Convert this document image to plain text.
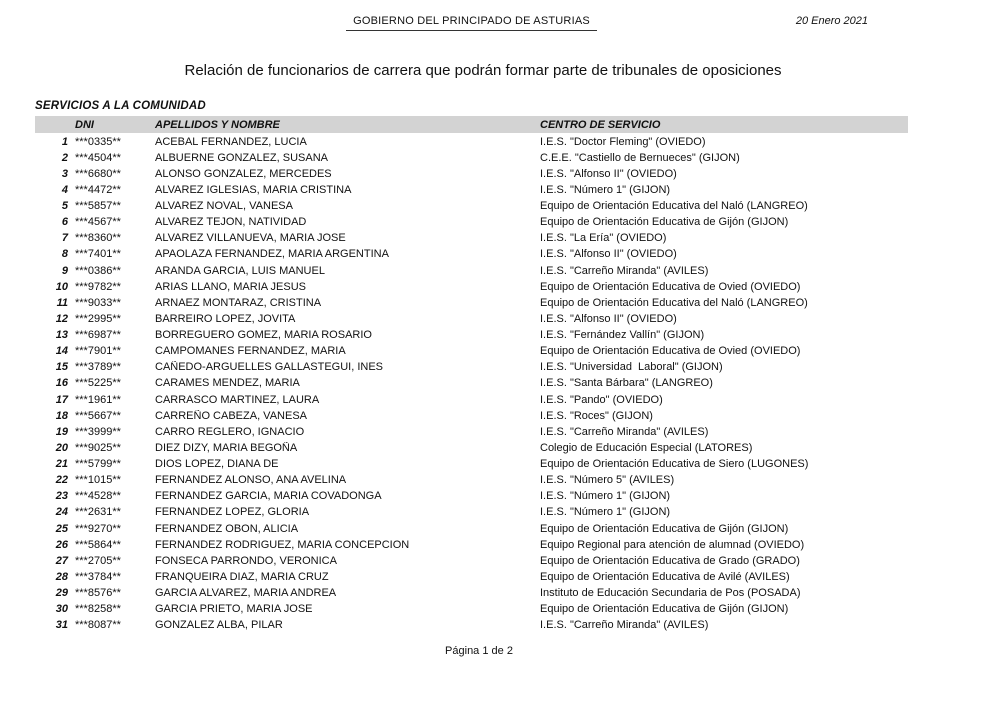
GOBIERNO DEL PRINCIPADO DE ASTURIAS	20 Enero 2021
Relación de funcionarios de carrera que podrán formar parte de tribunales de oposiciones
SERVICIOS A LA COMUNIDAD
DNI	APELLIDOS Y NOMBRE	CENTRO DE SERVICIO
1 ***0335**	ACEBAL FERNANDEZ, LUCIA	I.E.S. "Doctor Fleming" (OVIEDO)
2 ***4504**	ALBUERNE GONZALEZ, SUSANA	C.E.E. "Castiello de Bernueces" (GIJON)
3 ***6680**	ALONSO GONZALEZ, MERCEDES	I.E.S. "Alfonso II" (OVIEDO)
4 ***4472**	ALVAREZ IGLESIAS, MARIA CRISTINA	I.E.S. "Número 1" (GIJON)
5 ***5857**	ALVAREZ NOVAL, VANESA	Equipo de Orientación Educativa del Naló (LANGREO)
6 ***4567**	ALVAREZ TEJON, NATIVIDAD	Equipo de Orientación Educativa de Gijón (GIJON)
7 ***8360**	ALVAREZ VILLANUEVA, MARIA JOSE	I.E.S. "La Ería" (OVIEDO)
8 ***7401**	APAOLAZA FERNANDEZ, MARIA ARGENTINA	I.E.S. "Alfonso II" (OVIEDO)
9 ***0386**	ARANDA GARCIA, LUIS MANUEL	I.E.S. "Carreño Miranda" (AVILES)
10 ***9782**	ARIAS LLANO, MARIA JESUS	Equipo de Orientación Educativa de Ovied (OVIEDO)
11 ***9033**	ARNAEZ MONTARAZ, CRISTINA	Equipo de Orientación Educativa del Naló (LANGREO)
12 ***2995**	BARREIRO LOPEZ, JOVITA	I.E.S. "Alfonso II" (OVIEDO)
13 ***6987**	BORREGUERO GOMEZ, MARIA ROSARIO	I.E.S. "Fernández Vallín" (GIJON)
14 ***7901**	CAMPOMANES FERNANDEZ, MARIA	Equipo de Orientación Educativa de Ovied (OVIEDO)
15 ***3789**	CAÑEDO-ARGUELLES GALLASTEGUI, INES	I.E.S. "Universidad  Laboral" (GIJON)
16 ***5225**	CARAMES MENDEZ, MARIA	I.E.S. "Santa Bárbara" (LANGREO)
17 ***1961**	CARRASCO MARTINEZ, LAURA	I.E.S. "Pando" (OVIEDO)
18 ***5667**	CARREÑO CABEZA, VANESA	I.E.S. "Roces" (GIJON)
19 ***3999**	CARRO REGLERO, IGNACIO	I.E.S. "Carreño Miranda" (AVILES)
20 ***9025**	DIEZ DIZY, MARIA BEGOÑA	Colegio de Educación Especial (LATORES)
21 ***5799**	DIOS LOPEZ, DIANA DE	Equipo de Orientación Educativa de Siero (LUGONES)
22 ***1015**	FERNANDEZ ALONSO, ANA AVELINA	I.E.S. "Número 5" (AVILES)
23 ***4528**	FERNANDEZ GARCIA, MARIA COVADONGA	I.E.S. "Número 1" (GIJON)
24 ***2631**	FERNANDEZ LOPEZ, GLORIA	I.E.S. "Número 1" (GIJON)
25 ***9270**	FERNANDEZ OBON, ALICIA	Equipo de Orientación Educativa de Gijón (GIJON)
26 ***5864**	FERNANDEZ RODRIGUEZ, MARIA CONCEPCION	Equipo Regional para atención de alumnad (OVIEDO)
27 ***2705**	FONSECA PARRONDO, VERONICA	Equipo de Orientación Educativa de Grado (GRADO)
28 ***3784**	FRANQUEIRA DIAZ, MARIA CRUZ	Equipo de Orientación Educativa de Avilé (AVILES)
29 ***8576**	GARCIA ALVAREZ, MARIA ANDREA	Instituto de Educación Secundaria de Pos (POSADA)
30 ***8258**	GARCIA PRIETO, MARIA JOSE	Equipo de Orientación Educativa de Gijón (GIJON)
31 ***8087**	GONZALEZ ALBA, PILAR	I.E.S. "Carreño Miranda" (AVILES)
Página 1 de 2
